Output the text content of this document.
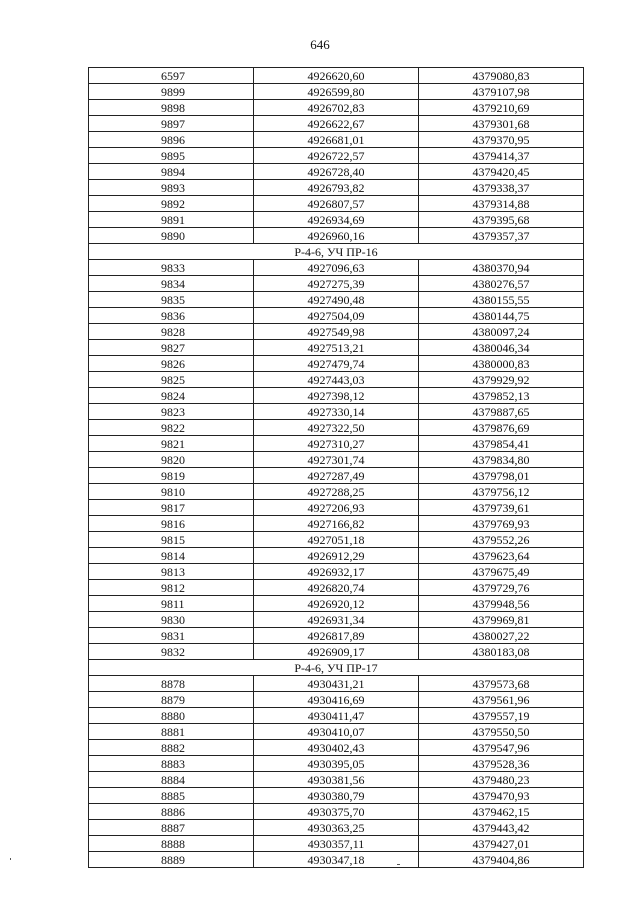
646
6597	4926620,60	4379080,83
9899	4926599,80	4379107,98
9898	4926702,83	4379210,69
9897	4926622,67	4379301,68
9896	4926681,01	4379370,95
9895	4926722,57	4379414,37
9894	4926728,40	4379420,45
9893	4926793,82	4379338,37
9892	4926807,57	4379314,88
9891	4926934,69	4379395,68
9890	4926960,16	4379357,37
Р-4-6, УЧ ПР-16		
9833	4927096,63	4380370,94
9834	4927275,39	4380276,57
9835	4927490,48	4380155,55
9836	4927504,09	4380144,75
9828	4927549,98	4380097,24
9827	4927513,21	4380046,34
9826	4927479,74	4380000,83
9825	4927443,03	4379929,92
9824	4927398,12	4379852,13
9823	4927330,14	4379887,65
9822	4927322,50	4379876,69
9821	4927310,27	4379854,41
9820	4927301,74	4379834,80
9819	4927287,49	4379798,01
9810	4927288,25	4379756,12
9817	4927206,93	4379739,61
9816	4927166,82	4379769,93
9815	4927051,18	4379552,26
9814	4926912,29	4379623,64
9813	4926932,17	4379675,49
9812	4926820,74	4379729,76
9811	4926920,12	4379948,56
9830	4926931,34	4379969,81
9831	4926817,89	4380027,22
9832	4926909,17	4380183,08
Р-4-6, УЧ ПР-17		
8878	4930431,21	4379573,68
8879	4930416,69	4379561,96
8880	4930411,47	4379557,19
8881	4930410,07	4379550,50
8882	4930402,43	4379547,96
8883	4930395,05	4379528,36
8884	4930381,56	4379480,23
8885	4930380,79	4379470,93
8886	4930375,70	4379462,15
8887	4930363,25	4379443,42
8888	4930357,11	4379427,01
8889	4930347,18	4379404,86
